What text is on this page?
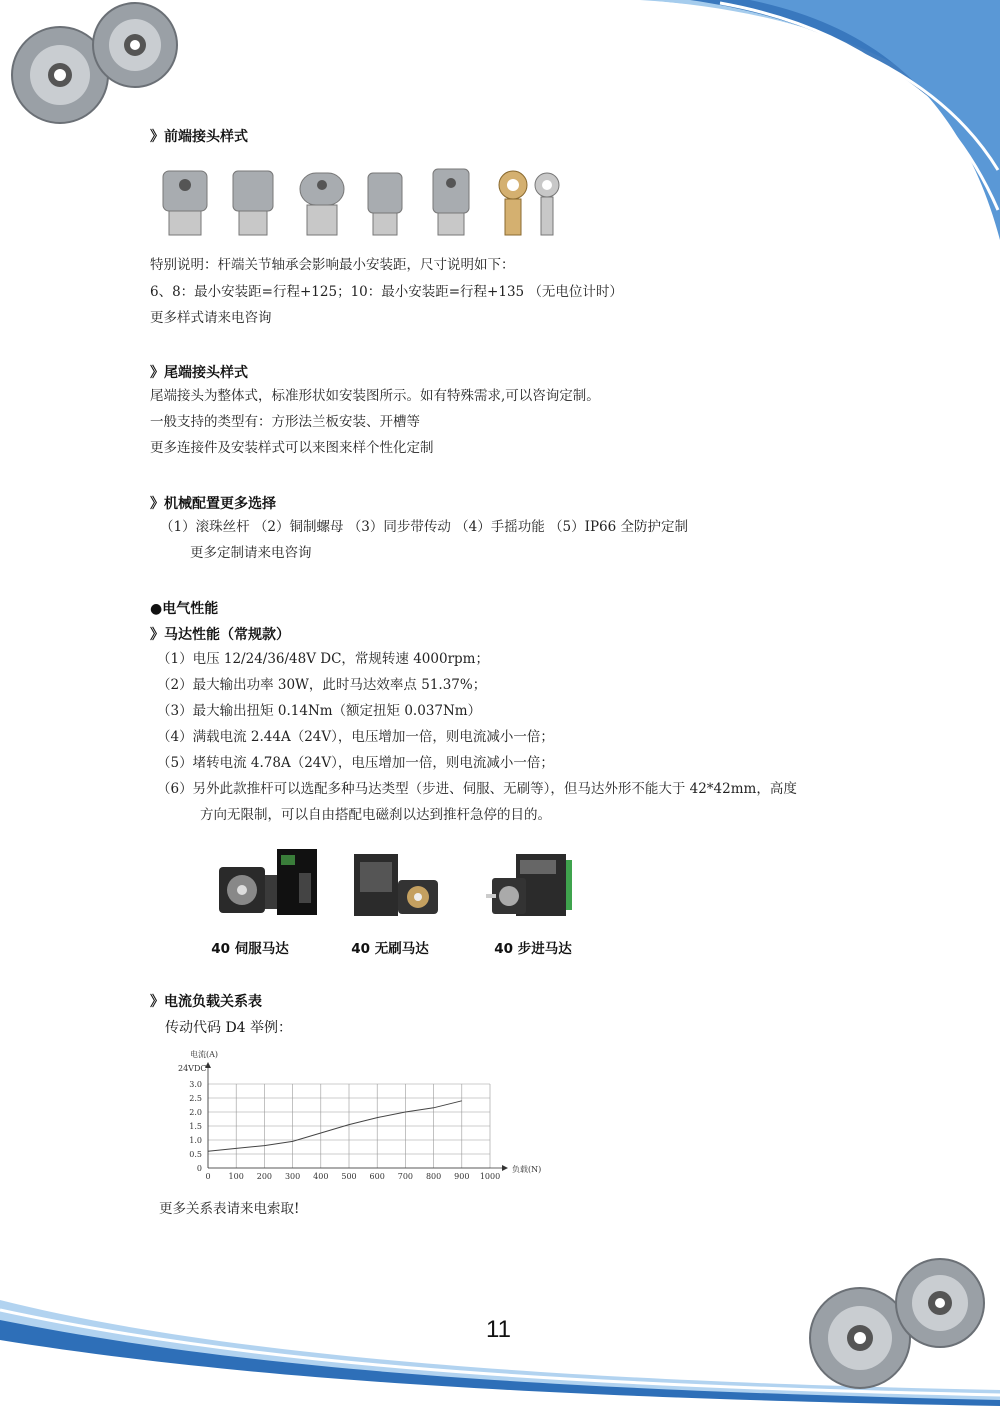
》前端接头样式
特别说明：杆端关节轴承会影响最小安装距，尺寸说明如下：
6、8：最小安装距=行程+125；10：最小安装距=行程+135 （无电位计时）
更多样式请来电咨询
》尾端接头样式
尾端接头为整体式，标准形状如安装图所示。如有特殊需求,可以咨询定制。
一般支持的类型有：方形法兰板安装、开槽等
更多连接件及安装样式可以来图来样个性化定制
》机械配置更多选择
（1）滚珠丝杆 （2）铜制螺母 （3）同步带传动 （4）手摇功能 （5）IP66 全防护定制
更多定制请来电咨询
●电气性能
》马达性能（常规款）
（1）电压 12/24/36/48V DC，常规转速 4000rpm；
（2）最大输出功率 30W，此时马达效率点 51.37%；
（3）最大输出扭矩 0.14Nm（额定扭矩 0.037Nm）
（4）满载电流 2.44A（24V），电压增加一倍，则电流减小一倍；
（5）堵转电流 4.78A（24V），电压增加一倍，则电流减小一倍；
（6）另外此款推杆可以选配多种马达类型（步进、伺服、无刷等），但马达外形不能大于 42*42mm，高度
方向无限制，可以自由搭配电磁刹以达到推杆急停的目的。
40 伺服马达	40 无刷马达	40 步进马达
》电流负载关系表
传动代码 D4 举例：
0 100 200 300 400 500 600 700 800 900 1000
0
0.5
1.0
1.5
2.0
2.5
3.0
电流(A)
24VDC
负载(N)
更多关系表请来电索取!
11
